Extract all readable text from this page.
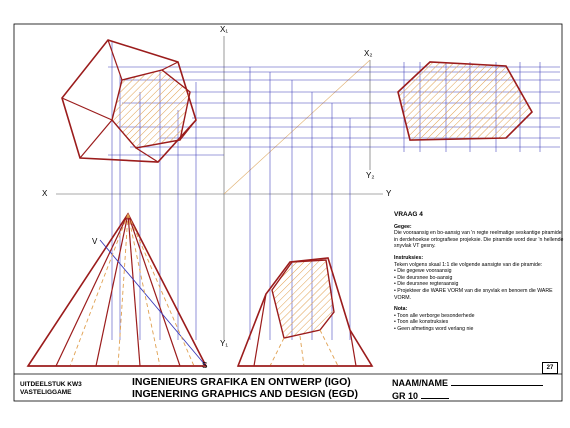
X₁
Y₁
X₂
Y₂
X	Y
V
S
VRAAG 4

Gegee:

Die vooraansig en bo-aansig van 'n regte reelmatige seskantige piramide in derdehoekse ortografiese projeksie. Die piramide word deur 'n hellende snyvlak VT gesny.

Instruksies:

Teken volgens skaal 1:1 die volgende aansigte van die piramide:

• Die gegewe vooraansig
• Die deursnee bo-aansig
• Die deursnee regteraansig
• Projekteer die WARE VORM van die snyvlak en benoem die WARE VORM.

Nota:

• Toon alle verborge besonderhede
• Toon alle konstruksies
• Geen afmetings word verlang nie
27
UITDEELSTUK KW3
VASTELIGGAME
INGENIEURS GRAFIKA EN ONTWERP (IGO)
INGENERING GRAPHICS AND DESIGN (EGD)
NAAM/NAME
GR 10
